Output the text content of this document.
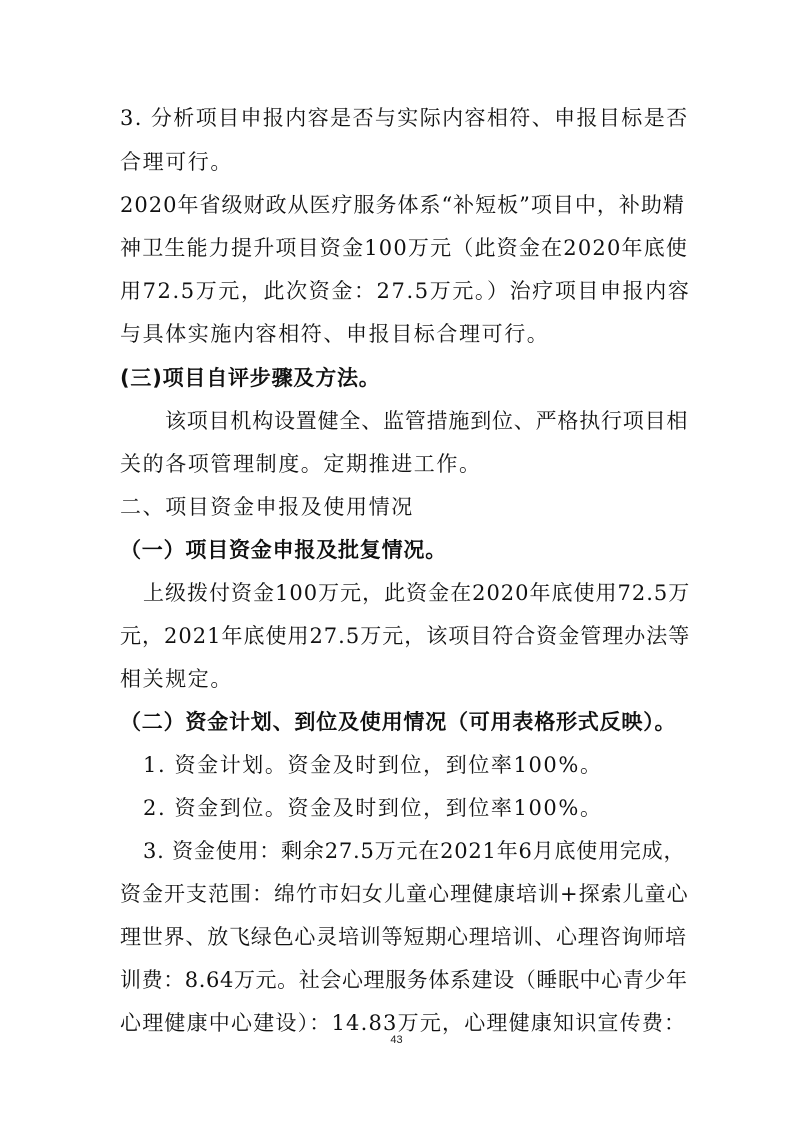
3. 分析项目申报内容是否与实际内容相符、申报目标是否
合理可行。
2020年省级财政从医疗服务体系“补短板”项目中，补助精
神卫生能力提升项目资金100万元（此资金在2020年底使
用72.5万元，此次资金：27.5万元。）治疗项目申报内容
与具体实施内容相符、申报目标合理可行。
(三)项目自评步骤及方法。
该项目机构设置健全、监管措施到位、严格执行项目相
关的各项管理制度。定期推进工作。
二、项目资金申报及使用情况
（一）项目资金申报及批复情况。
上级拨付资金100万元，此资金在2020年底使用72.5万
元，2021年底使用27.5万元，该项目符合资金管理办法等
相关规定。
（二）资金计划、到位及使用情况（可用表格形式反映）。
1. 资金计划。资金及时到位，到位率100%。
2. 资金到位。资金及时到位，到位率100%。
3. 资金使用：剩余27.5万元在2021年6月底使用完成，
资金开支范围：绵竹市妇女儿童心理健康培训+探索儿童心
理世界、放飞绿色心灵培训等短期心理培训、心理咨询师培
训费：8.64万元。社会心理服务体系建设（睡眠中心青少年
心理健康中心建设）：14.83万元，心理健康知识宣传费：
43
